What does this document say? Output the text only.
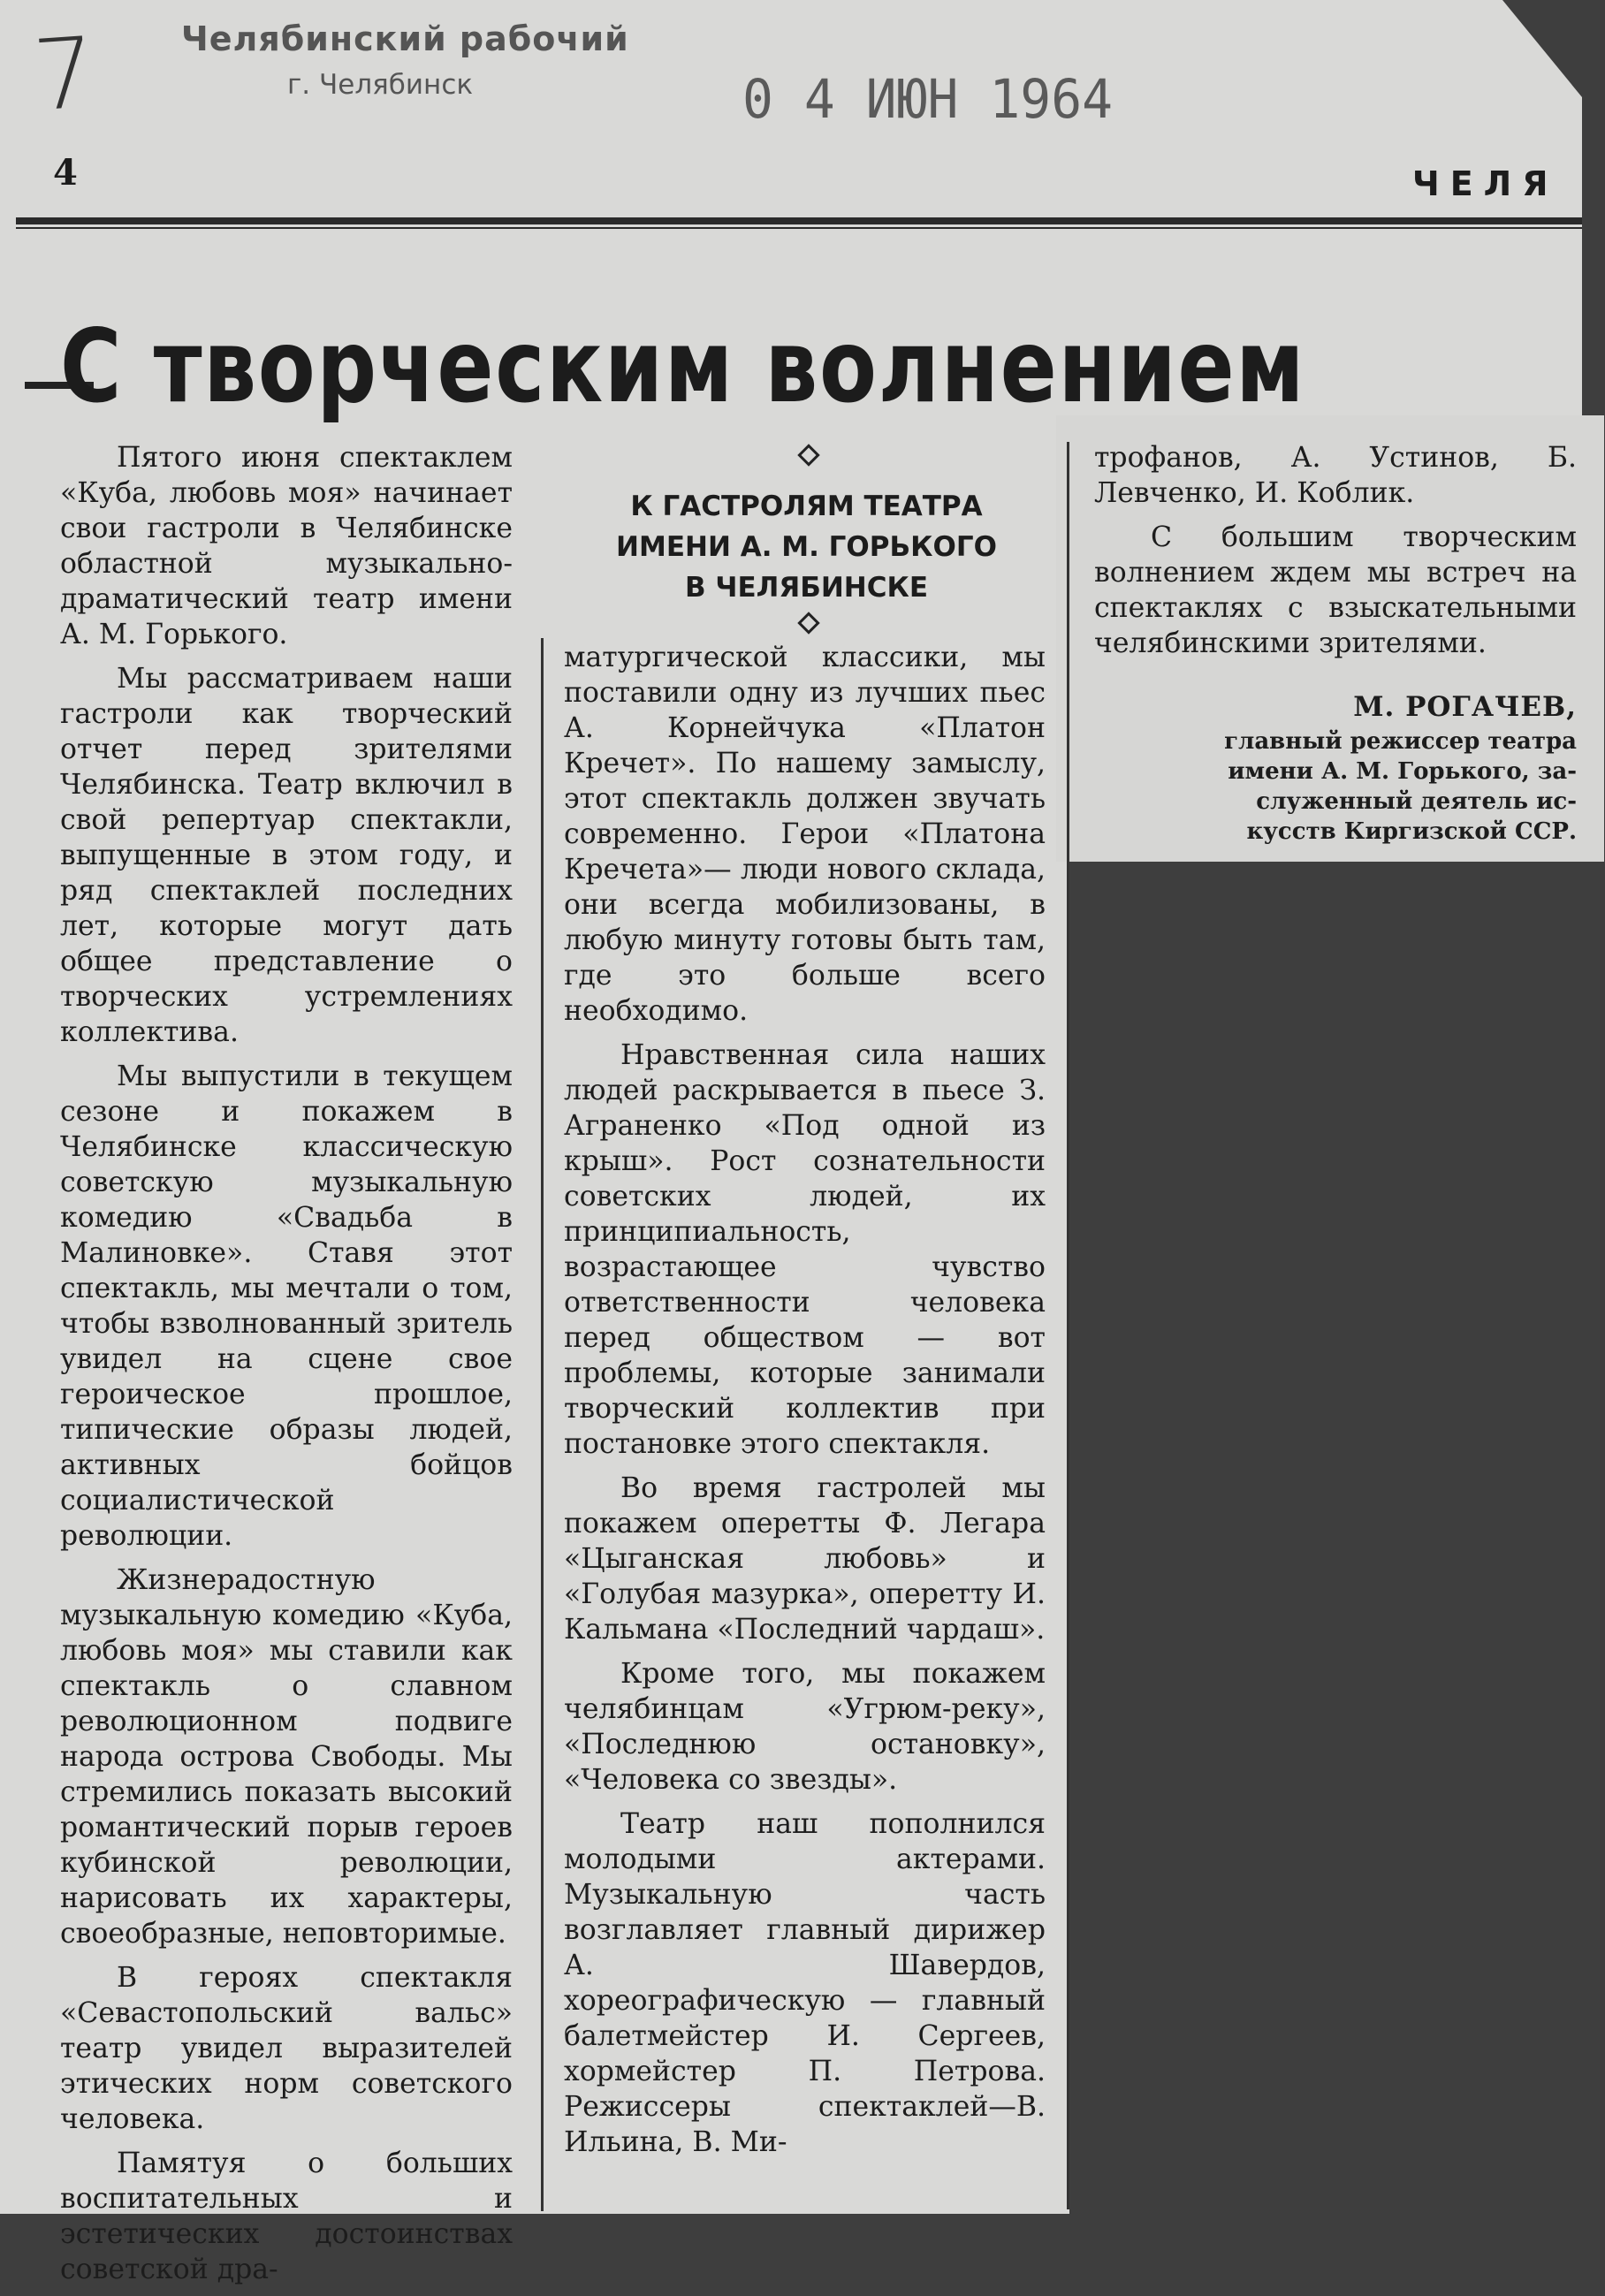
7 Челябинский рабочий
г. Челябинск	0 4 ИЮН 1964
4	ЧЕЛЯ
С творческим волнением
К ГАСТРОЛЯМ ТЕАТРА
ИМЕНИ А. М. ГОРЬКОГО
В ЧЕЛЯБИНСКЕ

Пятого июня спектаклем «Куба, любовь моя» начинает свои гастроли в Челябинске областной музыкально-драматический театр имени А. М. Горького.

Мы рассматриваем наши гастроли как творческий отчет перед зрителями Челябинска. Театр включил в свой репертуар спектакли, выпущенные в этом году, и ряд спектаклей последних лет, которые могут дать общее представление о творческих устремлениях коллектива.

Мы выпустили в текущем сезоне и покажем в Челябинске классическую советскую музыкальную комедию «Свадьба в Малиновке». Ставя этот спектакль, мы мечтали о том, чтобы взволнованный зритель увидел на сцене свое героическое прошлое, типические образы людей, активных бойцов социалистической революции.

Жизнерадостную музыкальную комедию «Куба, любовь моя» мы ставили как спектакль о славном революционном подвиге народа острова Свободы. Мы стремились показать высокий романтический порыв героев кубинской революции, нарисовать их характеры, своеобразные, неповторимые.

В героях спектакля «Севастопольский вальс» театр увидел выразителей этических норм советского человека.

Памятуя о больших воспитательных и эстетических достоинствах советской дра-

матургической классики, мы поставили одну из лучших пьес А. Корнейчука «Платон Кречет». По нашему замыслу, этот спектакль должен звучать современно. Герои «Платона Кречета»— люди нового склада, они всегда мобилизованы, в любую минуту готовы быть там, где это больше всего необходимо.

Нравственная сила наших людей раскрывается в пьесе З. Аграненко «Под одной из крыш». Рост сознательности советских людей, их принципиальность, возрастающее чувство ответственности человека перед обществом — вот проблемы, которые занимали творческий коллектив при постановке этого спектакля.

Во время гастролей мы покажем оперетты Ф. Легара «Цыганская любовь» и «Голубая мазурка», оперетту И. Кальмана «Последний чардаш».

Кроме того, мы покажем челябинцам «Угрюм-реку», «Последнюю остановку», «Человека со звезды».

Театр наш пополнился молодыми актерами. Музыкальную часть возглавляет главный дирижер А. Шавердов, хореографическую — главный балетмейстер И. Сергеев, хормейстер П. Петрова. Режиссеры спектаклей—В. Ильина, В. Ми-

трофанов, А. Устинов, Б. Левченко, И. Коблик.

С большим творческим волнением ждем мы встреч на спектаклях с взыскательными челябинскими зрителями.

М. РОГАЧЕВ,
главный режиссер театра
имени А. М. Горького, за-
служенный деятель ис-
кусств Киргизской ССР.
